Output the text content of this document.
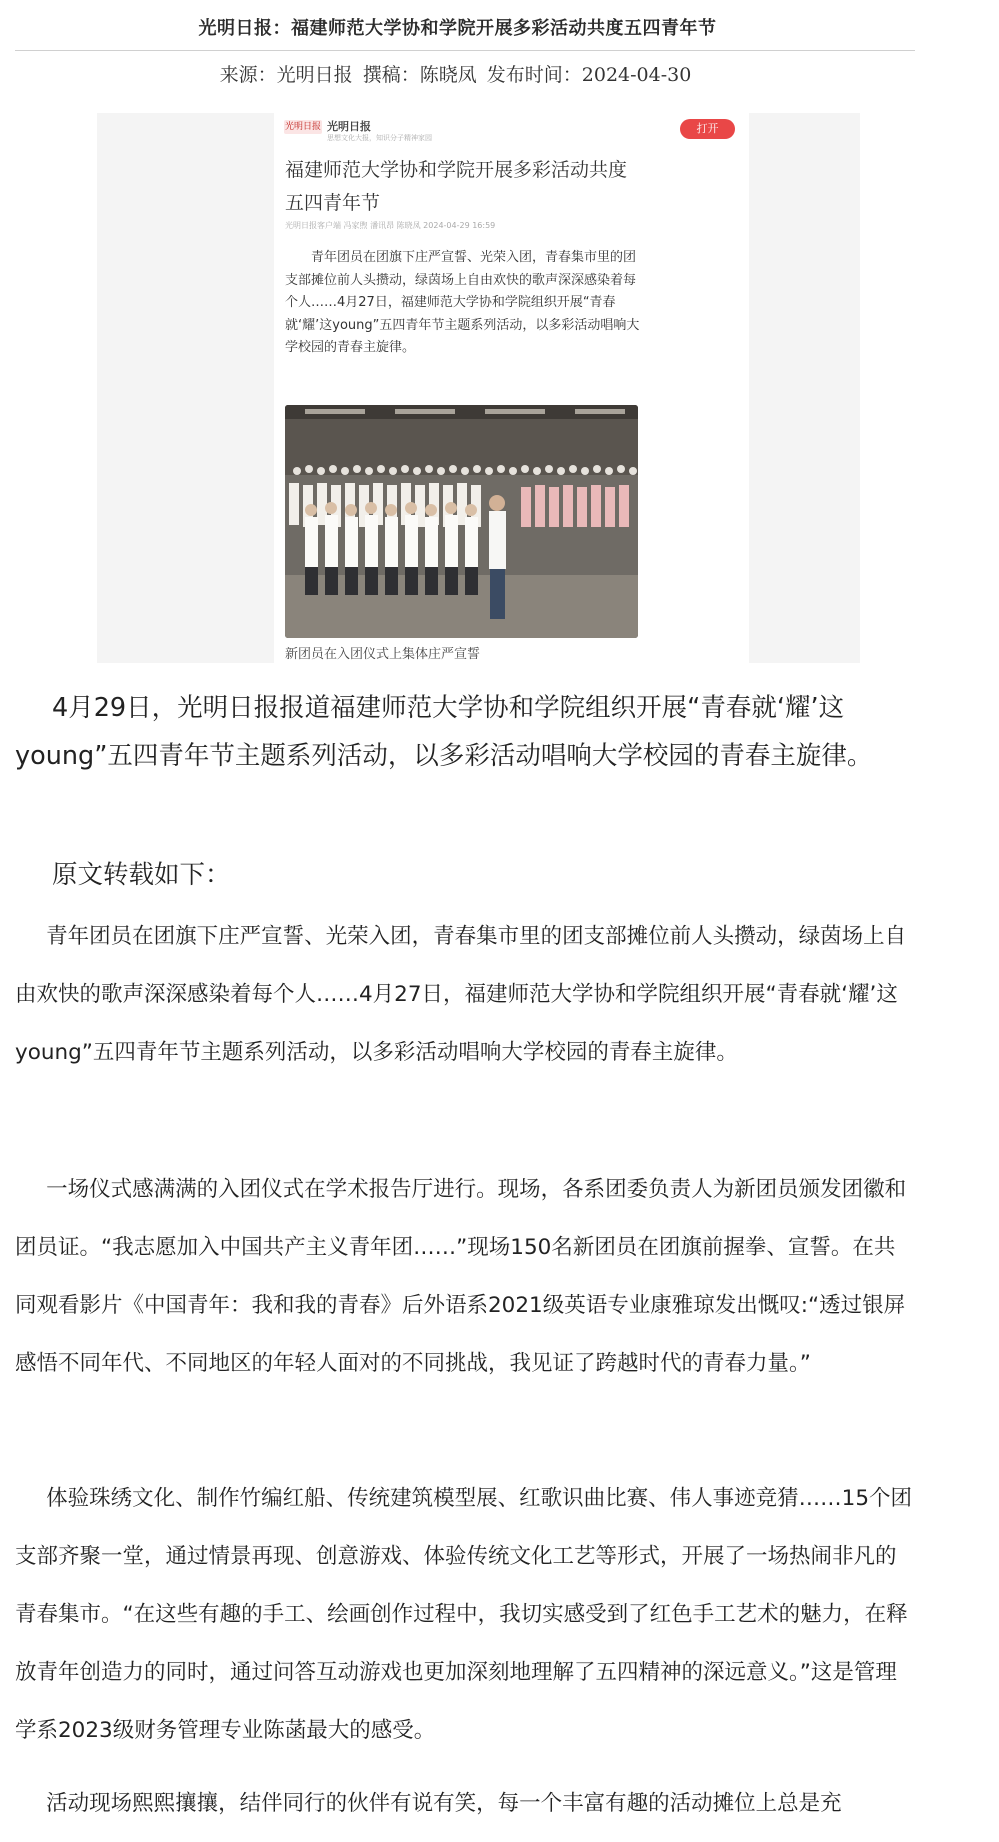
光明日报：福建师范大学协和学院开展多彩活动共度五四青年节
来源：光明日报 撰稿：陈晓凤 发布时间：2024-04-30
光明日报 光明日报
思想文化大报，知识分子精神家园
打开
福建师范大学协和学院开展多彩活动共度五四青年节
光明日报客户端 冯家煦 潘讯昂 陈晓凤 2024-04-29 16:59

青年团员在团旗下庄严宣誓、光荣入团，青春集市里的团支部摊位前人头攒动，绿茵场上自由欢快的歌声深深感染着每个人……4月27日，福建师范大学协和学院组织开展“青春就‘耀’这young”五四青年节主题系列活动，以多彩活动唱响大学校园的青春主旋律。

新团员在入团仪式上集体庄严宣誓

4月29日，光明日报报道福建师范大学协和学院组织开展“青春就‘耀’这young”五四青年节主题系列活动，以多彩活动唱响大学校园的青春主旋律。

原文转载如下：

青年团员在团旗下庄严宣誓、光荣入团，青春集市里的团支部摊位前人头攒动，绿茵场上自由欢快的歌声深深感染着每个人……4月27日，福建师范大学协和学院组织开展“青春就‘耀’这young”五四青年节主题系列活动，以多彩活动唱响大学校园的青春主旋律。

一场仪式感满满的入团仪式在学术报告厅进行。现场，各系团委负责人为新团员颁发团徽和团员证。“我志愿加入中国共产主义青年团……”现场150名新团员在团旗前握拳、宣誓。在共同观看影片《中国青年：我和我的青春》后外语系2021级英语专业康雅琼发出慨叹:“透过银屏感悟不同年代、不同地区的年轻人面对的不同挑战，我见证了跨越时代的青春力量。”

体验珠绣文化、制作竹编红船、传统建筑模型展、红歌识曲比赛、伟人事迹竞猜……15个团支部齐聚一堂，通过情景再现、创意游戏、体验传统文化工艺等形式，开展了一场热闹非凡的青春集市。“在这些有趣的手工、绘画创作过程中，我切实感受到了红色手工艺术的魅力，在释放青年创造力的同时，通过问答互动游戏也更加深刻地理解了五四精神的深远意义。”这是管理学系2023级财务管理专业陈菡最大的感受。

活动现场熙熙攘攘，结伴同行的伙伴有说有笑，每一个丰富有趣的活动摊位上总是充
